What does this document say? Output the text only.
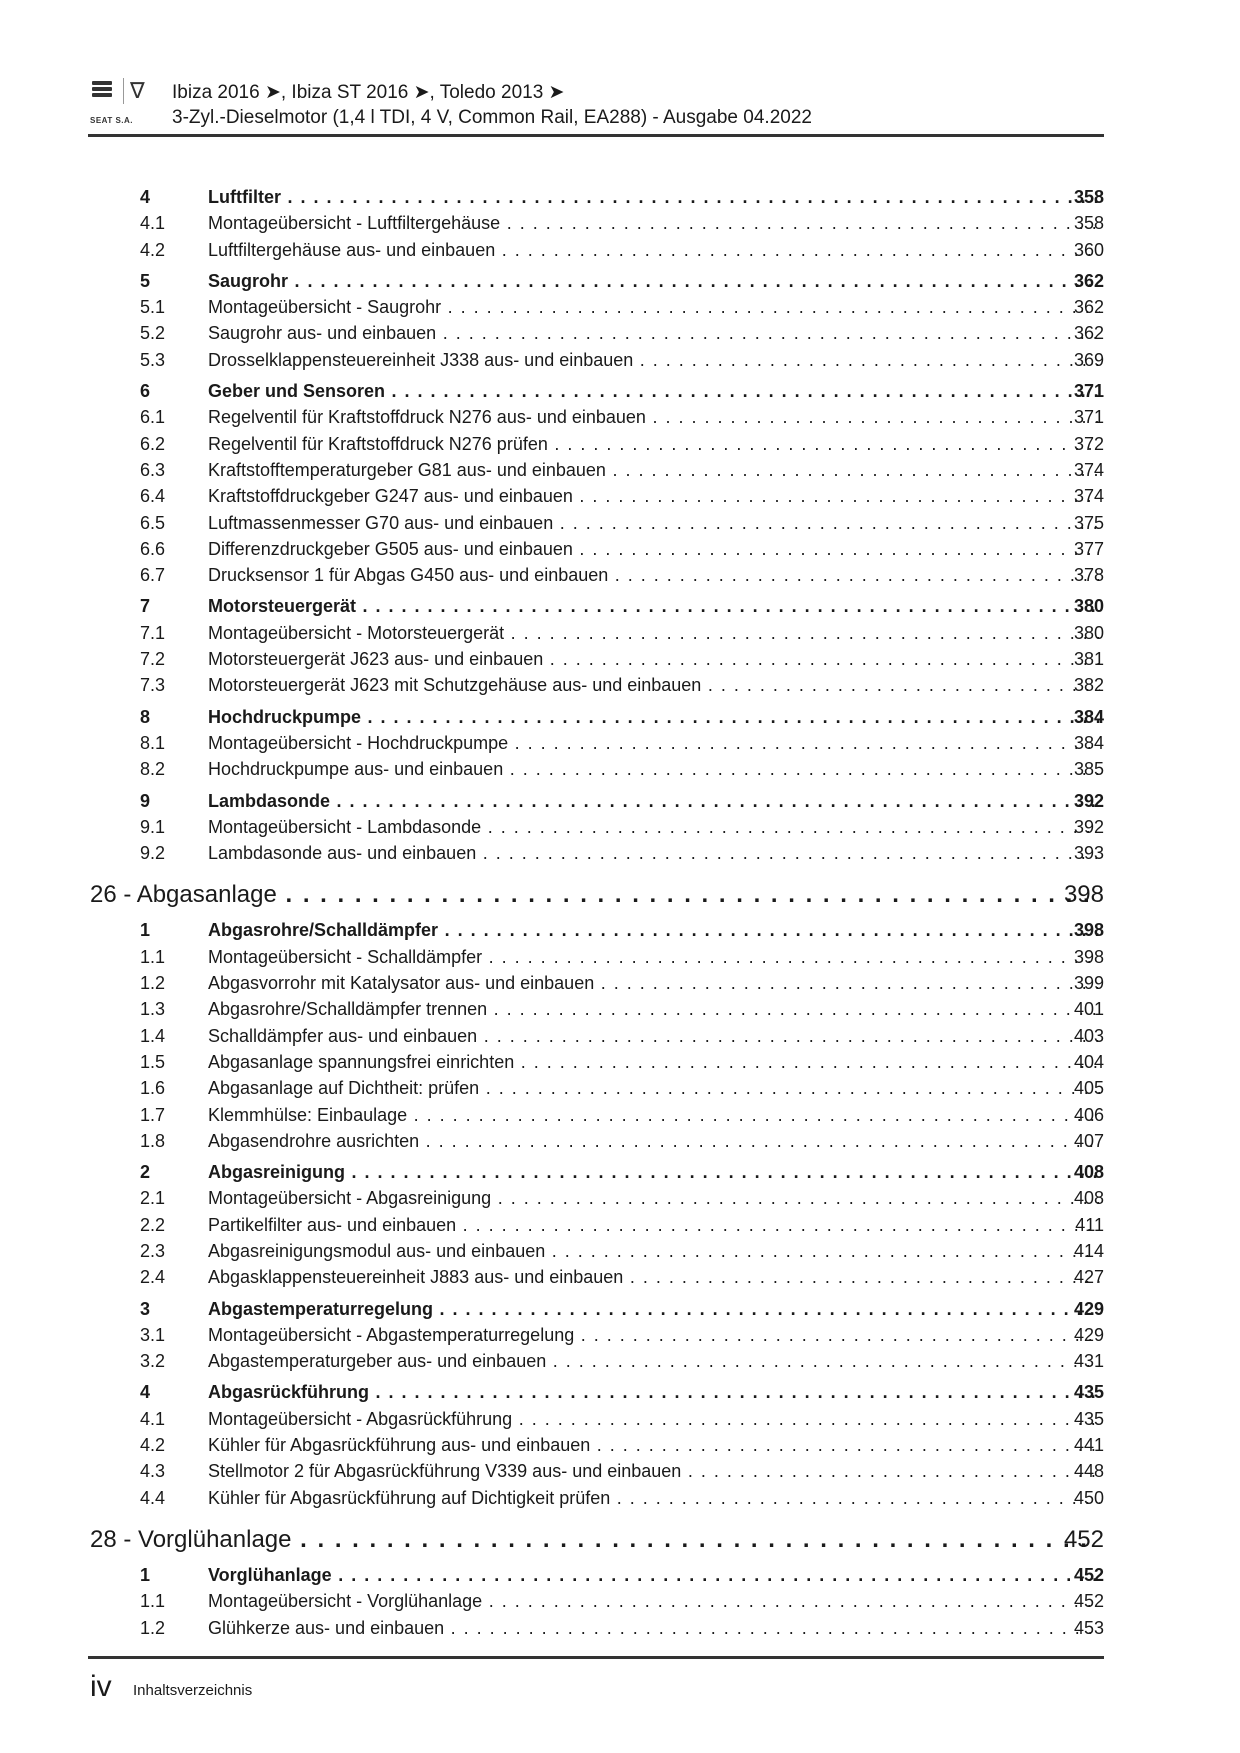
∇
SEAT S.A.
Ibiza 2016 ➤, Ibiza ST 2016 ➤, Toledo 2013 ➤
3-Zyl.-Dieselmotor (1,4 l TDI, 4 V, Common Rail, EA288) - Ausgabe 04.2022
4	Luftfilter . . .	358
4.1 Montageübersicht - Luftfiltergehäuse . . .	358
4.2 Luftfiltergehäuse aus- und einbauen . . .	360
5	Saugrohr . . .	362
5.1 Montageübersicht - Saugrohr . . .	362
5.2 Saugrohr aus- und einbauen . . .	362
5.3 Drosselklappensteuereinheit J338 aus- und einbauen . . .	369
6	Geber und Sensoren . . .	371
6.1 Regelventil für Kraftstoffdruck N276 aus- und einbauen . . .	371
6.2 Regelventil für Kraftstoffdruck N276 prüfen . . .	372
6.3 Kraftstofftemperaturgeber G81 aus- und einbauen . . .	374
6.4 Kraftstoffdruckgeber G247 aus- und einbauen . . .	374
6.5 Luftmassenmesser G70 aus- und einbauen . . .	375
6.6 Differenzdruckgeber G505 aus- und einbauen . . .	377
6.7 Drucksensor 1 für Abgas G450 aus- und einbauen . . .	378
7	Motorsteuergerät . . .	380
7.1 Montageübersicht - Motorsteuergerät . . .	380
7.2 Motorsteuergerät J623 aus- und einbauen . . .	381
7.3 Motorsteuergerät J623 mit Schutzgehäuse aus- und einbauen . . .	382
8	Hochdruckpumpe . . .	384
8.1 Montageübersicht - Hochdruckpumpe . . .	384
8.2 Hochdruckpumpe aus- und einbauen . . .	385
9	Lambdasonde . . .	392
9.1 Montageübersicht - Lambdasonde . . .	392
9.2 Lambdasonde aus- und einbauen . . .	393
26 - Abgasanlage . . .	398
1	Abgasrohre/Schalldämpfer . . .	398
1.1 Montageübersicht - Schalldämpfer . . .	398
1.2 Abgasvorrohr mit Katalysator aus- und einbauen . . .	399
1.3 Abgasrohre/Schalldämpfer trennen . . .	401
1.4 Schalldämpfer aus- und einbauen . . .	403
1.5 Abgasanlage spannungsfrei einrichten . . .	404
1.6 Abgasanlage auf Dichtheit: prüfen . . .	405
1.7 Klemmhülse: Einbaulage . . .	406
1.8 Abgasendrohre ausrichten . . .	407
2	Abgasreinigung . . .	408
2.1 Montageübersicht - Abgasreinigung . . .	408
2.2 Partikelfilter aus- und einbauen . . .	411
2.3 Abgasreinigungsmodul aus- und einbauen . . .	414
2.4 Abgasklappensteuereinheit J883 aus- und einbauen . . .	427
3	Abgastemperaturregelung . . .	429
3.1 Montageübersicht - Abgastemperaturregelung . . .	429
3.2 Abgastemperaturgeber aus- und einbauen . . .	431
4	Abgasrückführung . . .	435
4.1 Montageübersicht - Abgasrückführung . . .	435
4.2 Kühler für Abgasrückführung aus- und einbauen . . .	441
4.3 Stellmotor 2 für Abgasrückführung V339 aus- und einbauen . . .	448
4.4 Kühler für Abgasrückführung auf Dichtigkeit prüfen . . .	450
28 - Vorglühanlage . . .	452
1	Vorglühanlage . . .	452
1.1 Montageübersicht - Vorglühanlage . . .	452
1.2 Glühkerze aus- und einbauen . . .	453
iv Inhaltsverzeichnis
